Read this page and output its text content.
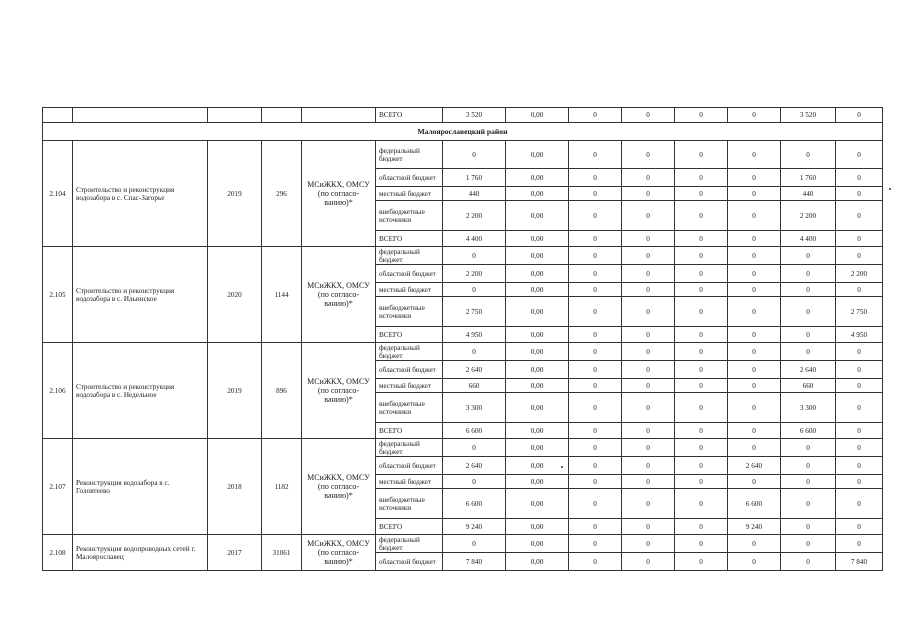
					ВСЕГО	3 520	0,00	0	0	0	0	3 520	0
Малоярославецкий район													
2.104	Строительство и реконструкция водозабора в с. Спас-Загорье	2019	296	МСиЖКХ, ОМСУ (по согласо-ванию)*	федеральный бюджет	0	0,00	0	0	0	0	0	0
					областной бюджет	1 760	0,00	0	0	0	0	1 760	0
					местный бюджет	440	0,00	0	0	0	0	440	0
					внебюджетные источники	2 200	0,00	0	0	0	0	2 200	0
					ВСЕГО	4 400	0,00	0	0	0	0	4 400	0
2.105	Строительство и реконструкция водозабора в с. Ильинское	2020	1144	МСиЖКХ, ОМСУ (по согласо-ванию)*	федеральный бюджет	0	0,00	0	0	0	0	0	0
					областной бюджет	2 200	0,00	0	0	0	0	0	2 200
					местный бюджет	0	0,00	0	0	0	0	0	0
					внебюджетные источники	2 750	0,00	0	0	0	0	0	2 750
					ВСЕГО	4 950	0,00	0	0	0	0	0	4 950
2.106	Строительство и реконструкция водозабора в с. Недельное	2019	896	МСиЖКХ, ОМСУ (по согласо-ванию)*	федеральный бюджет	0	0,00	0	0	0	0	0	0
					областной бюджет	2 640	0,00	0	0	0	0	2 640	0
					местный бюджет	660	0,00	0	0	0	0	660	0
					внебюджетные источники	3 300	0,00	0	0	0	0	3 300	0
					ВСЕГО	6 600	0,00	0	0	0	0	6 600	0
2.107	Реконструкция водозабора в с. Головтеево	2018	1182	МСиЖКХ, ОМСУ (по согласо-ванию)*	федеральный бюджет	0	0,00	0	0	0	0	0	0
					областной бюджет	2 640	0,00	0	0	0	2 640	0	0
					местный бюджет	0	0,00	0	0	0	0	0	0
					внебюджетные источники	6 600	0,00	0	0	0	6 600	0	0
					ВСЕГО	9 240	0,00	0	0	0	9 240	0	0
2.108	Реконструкция водопроводных сетей г. Малоярославец	2017	31061	МСиЖКХ, ОМСУ (по согласо-ванию)*	федеральный бюджет	0	0,00	0	0	0	0	0	0
					областной бюджет	7 840	0,00	0	0	0	0	0	7 840
